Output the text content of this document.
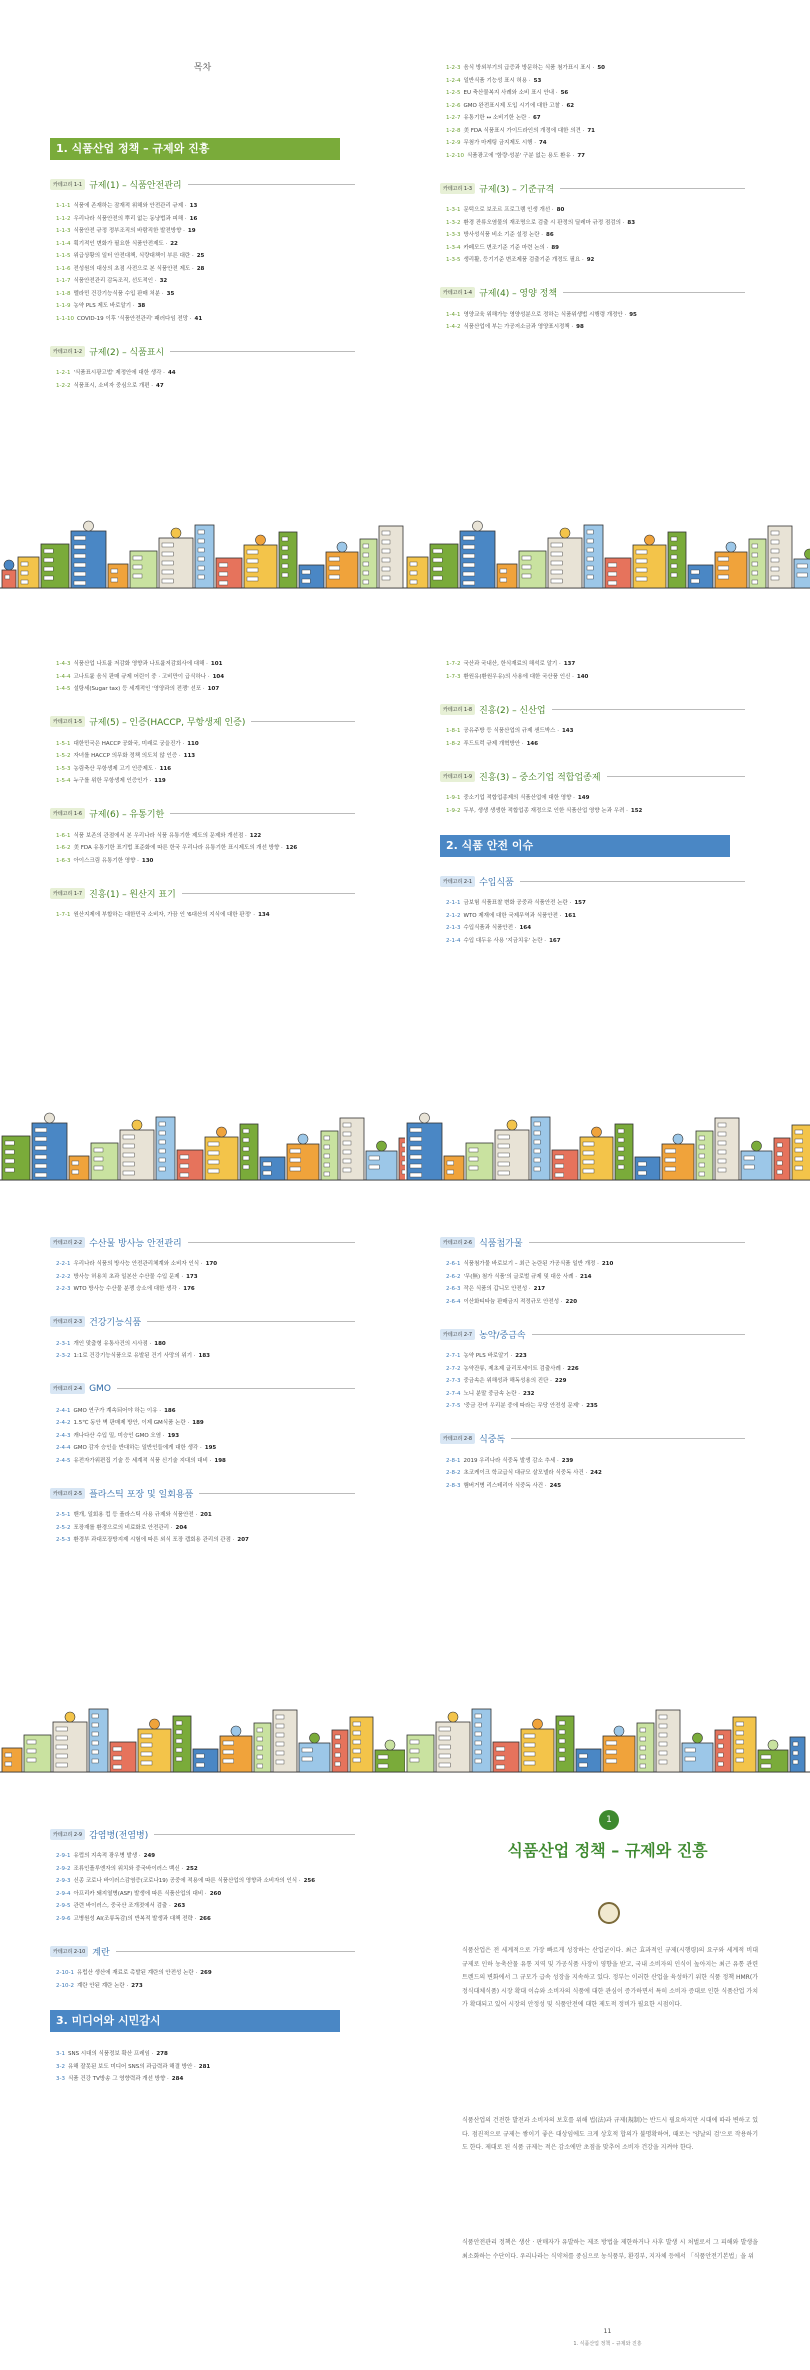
목차
1. 식품산업 정책 – 규제와 진흥
카테고리 1-1 규제(1) – 식품안전관리
1-1-1 식품에 존재하는 잠재적 위해와 안전관리 규제 · 13
1-1-2 우리나라 식품안전의 뿌리 없는 동냥법과 피해 · 16
1-1-3 식품안전 규정 정부조직의 바람직한 발전방향 · 19
1-1-4 획기적인 변화가 필요한 식품안전제도 · 22
1-1-5 위급상황의 일터 안전대책, 식량대책이 부른 대란 · 25
1-1-6 전성원의 대상의 초점 사전으로 본 식품안전 제도 · 28
1-1-7 식품안전관리 감독조직, 선도적인 · 32
1-1-8 멜라민 건강기능식품 수입 판매 처분 · 35
1-1-9 농약 PLS 제도 바로알기 · 38
1-1-10 COVID-19 이후 '식품안전관리' 패러다임 전망 · 41
카테고리 1-2 규제(2) – 식품표시
1-2-1 '식품표시광고법' 제정안에 대한 생각 · 44
1-2-2 식품표시, 소비자 중심으로 개편 · 47
1-2-3 음식 방외부기의 급증과 방문하는 식품 첨가표시 표시 · 50
1-2-4 일반식품 기능성 표시 허용 · 53
1-2-5 EU 축산물복지 사례와 소비 표시 안내 · 56
1-2-6 GMO 완전표시제 도입 시기에 대한 고찰 · 62
1-2-7 유통기한 ↔ 소비기한 논란 · 67
1-2-8 美 FDA 식품표시 가이드라인의 개정에 대한 의견 · 71
1-2-9 무첨가 마케팅 금지제도 시행 · 74
1-2-10 식품광고에 '함량·성분' 구분 없는 용도 환유 · 77
카테고리 1-3 규제(3) – 기준규격
1-3-1 문턱으로 보조르 프로그램 인생 개선 · 80
1-3-2 환경 잔류오염물의 재조명으로 검출 시 판정의 딜레마 규정 점검의 · 83
1-3-3 방사성식품 비소 기준 설정 논란 · 86
1-3-4 카페모드 변조기준 기준 마련 논의 · 89
1-3-5 생리활, 등기기준 변조제품 검출기준 개정도 필요 · 92
카테고리 1-4 규제(4) – 영양 정책
1-4-1 영양교육 위해가능 영양성분으로 정하는 식품위생법 시행령 개정안 · 95
1-4-2 식품산업에 부는 가공저소금과 영양표시정책 · 98
1-4-3 식품산업 나트륨 저감화 영향과 나트륨저감회사에 대해 · 101
1-4-4 고나트륨 음식 판매 규제 어린이 중 · 고비만이 급식하나 · 104
1-4-5 설탕세(Sugar tax) 등 세계적인 '영양과의 전쟁' 선포 · 107
카테고리 1-5 규제(5) – 인증(HACCP, 무항생제 인증)
1-5-1 대한민국은 HACCP 공화국, 미래로 궁을진가 · 110
1-5-2 자녀를 HACCP 의무화 정책 의도치 않 인증 · 113
1-5-3 농림축산 무항생제 고기 인증제도 · 116
1-5-4 누구를 위한 무항생제 인증인가 · 119
카테고리 1-6 규제(6) – 유통기한
1-6-1 식품 보존의 관점에서 본 우리나라 식품 유통기한 제도의 문제와 개선점 · 122
1-6-2 美 FDA 유통기한 표기법 표준화에 따른 한국 우리나라 유통기한 표시제도의 개선 방향 · 126
1-6-3 아이스크림 유통기한 영향 · 130
카테고리 1-7 진흥(1) – 원산지 표기
1-7-1 원산지제에 부합하는 대한민국 소비자, 가끔 인 '6대산의 지식에 대한 판정' · 134
1-7-2 국산과 국내산, 한식재료의 해석로 알기 · 137
1-7-3 환원유(환원우유)의 사용에 대한 국산품 인신 · 140
카테고리 1-8 진흥(2) – 신산업
1-8-1 공유주방 등 식품산업의 규제 샌드박스 · 143
1-8-2 푸드트럭 규제 개혁방안 · 146
카테고리 1-9 진흥(3) – 중소기업 적합업종제
1-9-1 중소기업 적합업종제의 식품산업에 대한 영향 · 149
1-9-2 두부, 생생 생생한 적합업종 재정으로 인한 식품산업 영향 논과 우려 · 152
2. 식품 안전 이슈
카테고리 2-1 수입식품
2-1-1 금보험 식품표찰 변화 공중과 식품안전 논란 · 157
2-1-2 WTO 제재에 대한 국제무역과 식품안전 · 161
2-1-3 수입식품과 식품안전 · 164
2-1-4 수입 대두유 사용 '지금치유' 논란 · 167
카테고리 2-2 수산물 방사능 안전관리
2-2-1 우리나라 식품의 방사능 안전관리체계와 소비자 인식 · 170
2-2-2 방사능 허용치 초과 일본산 수산물 수입 문제 · 173
2-2-3 WTO 방사능 수산물 분쟁 승소에 대한 생각 · 176
카테고리 2-3 건강기능식품
2-3-1 개인 맞춤형 유통사건의 시사점 · 180
2-3-2 1:1로 건강기능식품으로 유발된 건기 사망의 위기 · 183
카테고리 2-4 GMO
2-4-1 GMO 연구가 계속되어야 하는 이유 · 186
2-4-2 1.5℃ 동안 벽 판매제 방안, 이제 GM식품 논란 · 189
2-4-3 캐나다산 수입 밀, 미승인 GMO 오염 · 193
2-4-4 GMO 감자 승인을 반대하는 일반인들에게 대한 생각 · 195
2-4-5 유전자가위편집 기술 등 세계적 식품 신기술 지대의 대비 · 198
카테고리 2-5 플라스틱 포장 및 일회용품
2-5-1 밴개, 일회용 컵 등 플라스틱 사용 규제와 식품안전 · 201
2-5-2 포장재를 환경으로의 비료화로 안전관리 · 204
2-5-3 환경부 과대포장방지제 시험에 따른 외식 포장 캡회용 관리의 관점 · 207
카테고리 2-6 식품첨가물
2-6-1 식품첨가물 바로보기 – 최근 논란된 가공식품 일반 개정 · 210
2-6-2 '무(無) 첨가 식품'의 글로벌 규제 및 대응 사례 · 214
2-6-3 작은 식품의 갑니모 안전성 · 217
2-6-4 이산화티타늄 판매금지 적정규모 안전성 · 220
카테고리 2-7 농약/중금속
2-7-1 농약 PLS 바로알기 · 223
2-7-2 농약잔류, 제초제 글리포세이트 검출사례 · 226
2-7-3 중금속은 위해성과 해독성용의 진단 · 229
2-7-4 노니 분말 중금속 논란 · 232
2-7-5 '중금 잔여 우리분 중에 따라는 무당 안전성 문제' · 235
카테고리 2-8 식중독
2-8-1 2019 우리나라 식중독 발생 감소 추세 · 239
2-8-2 초코케이크 학교급식 대규모 살모넬라 식중독 사건 · 242
2-8-3 햄버거병 리스테리아 식중독 사건 · 245
카테고리 2-9 감염병(전염병)
2-9-1 유럽의 지속적 광우병 발생 · 249
2-9-2 조류인플루엔자의 위치와 중국바이러스 백신 · 252
2-9-3 신종 코로나 바이러스감염증(코로나19) 공중에 적용에 따른 식품산업의 영향과 소비자의 인식 · 256
2-9-4 아프리카 돼지열병(ASF) 발생에 따른 식품산업의 대비 · 260
2-9-5 관련 바이러스, 중국산 조개젓에서 검출 · 263
2-9-6 고병원성 AI(조류독감)의 반복적 발생과 대책 전략 · 266
카테고리 2-10 계란
2-10-1 유럽산 생산에 재료로 촉발된 계란의 안전성 논란 · 269
2-10-2 계란 안된 계란 논란 · 273
3. 미디어와 시민감시
3-1 SNS 시대의 식품정보 확산 프레임 · 278
3-2 유해 잘못된 보도 미디어 SNS의 과급력과 해결 방안 · 281
3-3 식품 건강 TV방송 그 영향력과 개선 방향 · 284
1
식품산업 정책 – 규제와 진흥
식품산업은 전 세계적으로 가장 빠르게 성장하는 산업군이다. 최근 효과적인 규제(시행령)의 요구와 세계적 비대 규제로 인하 농축산물 유통 지역 및 가공식품 사장이 영향을 받고, 국내 소비자의 인식이 높아지는 최근 유통 관련 트렌드의 변화에서 그 규모가 급속 성장을 지속하고 있다. 정부는 이러한 산업을 육성하기 위한 식품 정책 HMR(가정식대체식품) 시장 확대 이슈와 소비자의 식품에 대한 관심이 증가하면서 특히 소비자 증대로 인한 식품산업 가치가 확대되고 있어 시장의 안정성 및 식품안전에 대한 제도적 정비가 필요한 시점이다.
식품산업의 건전한 발전과 소비자의 보호를 위해 법(法)과 규제(規制)는 반드시 필요하지만 시대에 따라 변하고 있다. 점진적으로 규제는 쌓이기 좋은 대상임에도 크게 상호적 합의가 불명확하여, 때로는 '양날의 검'으로 작용하기도 한다. 제대로 된 식품 규제는 적은 감소에만 초점을 맞추어 소비자 건강을 지켜야 한다.
식품안전관리 정책은 생산 · 판매자가 유발하는 제조 방법을 제한하거나 사후 발생 시 처벌로서 그 피해와 발생을 최소화하는 수단이다. 우리나라는 식약처를 중심으로 농식품부, 환경부, 지자체 등에서 「식품안전기본법」을 위
11
1. 식품산업 정책 – 규제와 진흥
